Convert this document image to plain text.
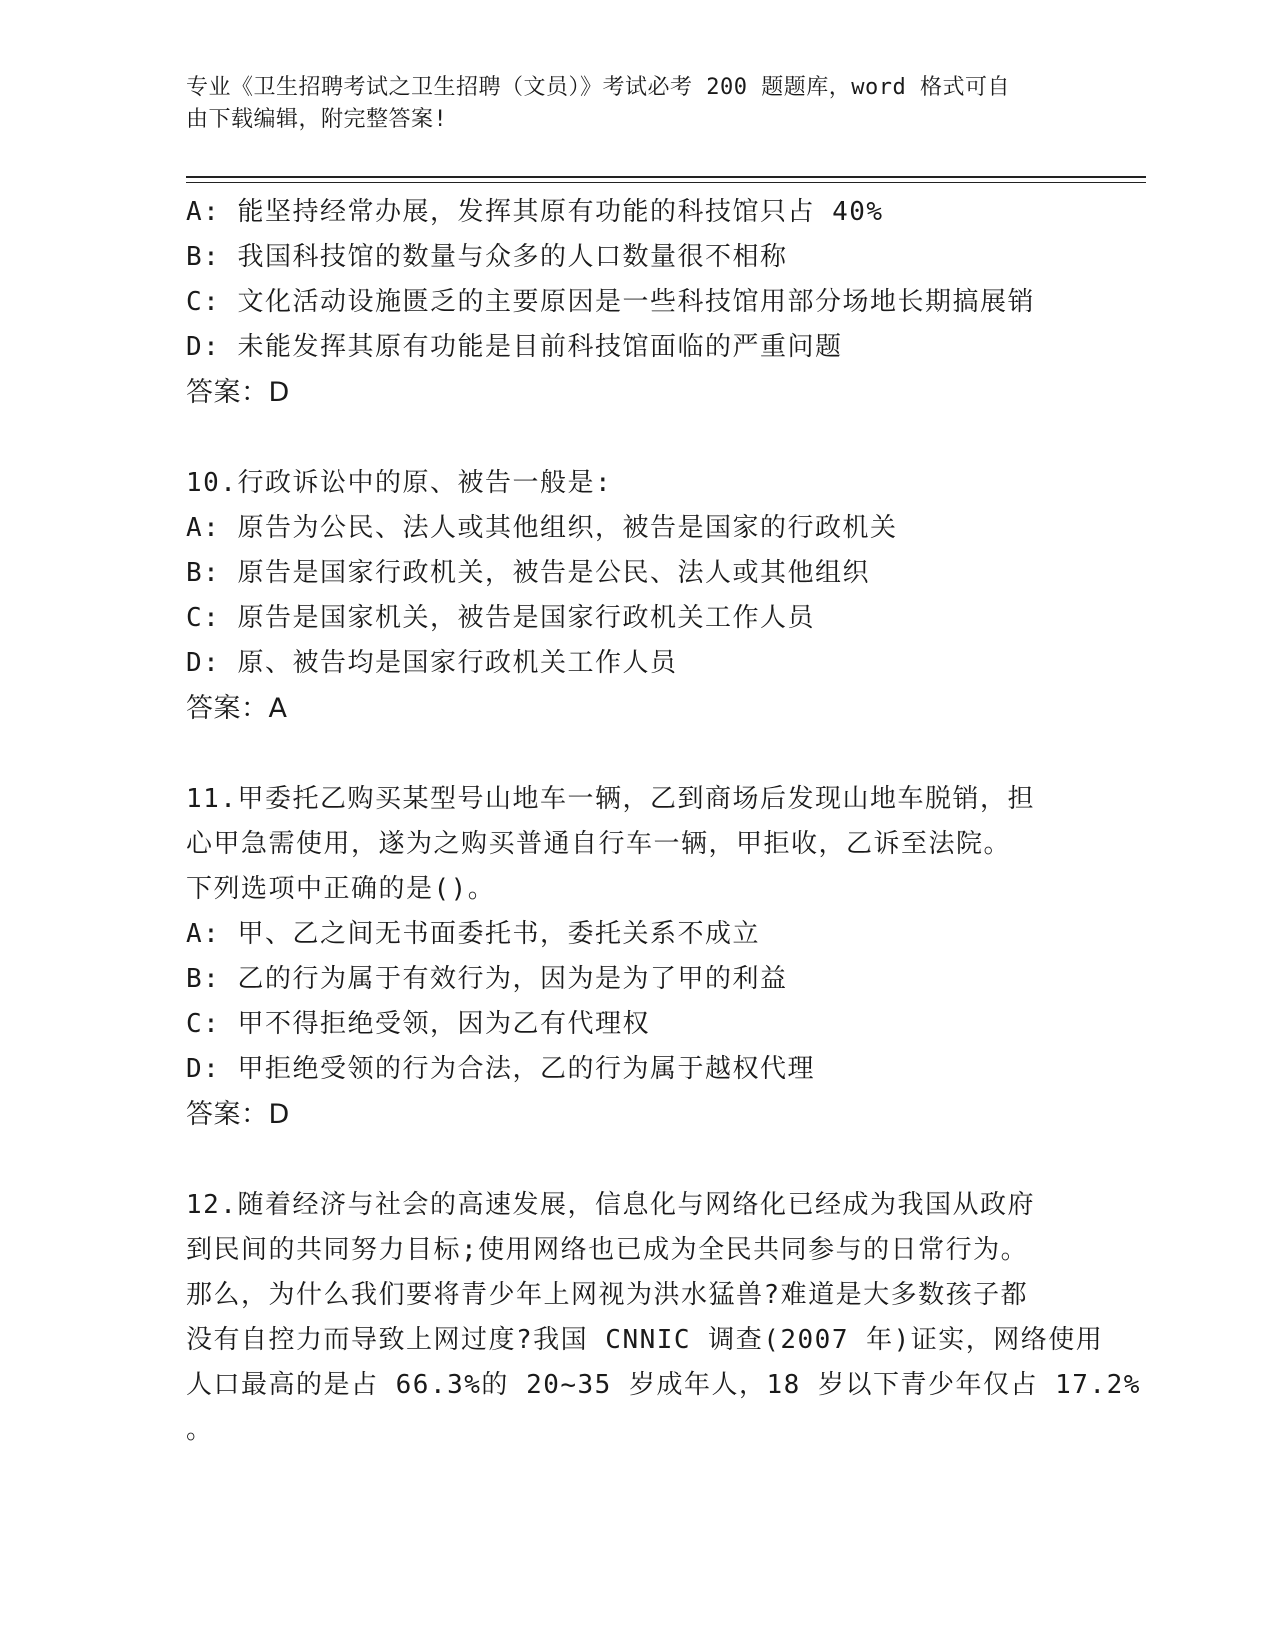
专业《卫生招聘考试之卫生招聘（文员）》考试必考 200 题题库，word 格式可自
由下载编辑，附完整答案!
A: 能坚持经常办展，发挥其原有功能的科技馆只占 40%
B: 我国科技馆的数量与众多的人口数量很不相称
C: 文化活动设施匮乏的主要原因是一些科技馆用部分场地长期搞展销
D: 未能发挥其原有功能是目前科技馆面临的严重问题
答案：D
10.行政诉讼中的原、被告一般是:
A: 原告为公民、法人或其他组织，被告是国家的行政机关
B: 原告是国家行政机关，被告是公民、法人或其他组织
C: 原告是国家机关，被告是国家行政机关工作人员
D: 原、被告均是国家行政机关工作人员
答案：A
11.甲委托乙购买某型号山地车一辆，乙到商场后发现山地车脱销，担
心甲急需使用，遂为之购买普通自行车一辆，甲拒收，乙诉至法院。
下列选项中正确的是()。
A: 甲、乙之间无书面委托书，委托关系不成立
B: 乙的行为属于有效行为，因为是为了甲的利益
C: 甲不得拒绝受领，因为乙有代理权
D: 甲拒绝受领的行为合法，乙的行为属于越权代理
答案：D
12.随着经济与社会的高速发展，信息化与网络化已经成为我国从政府
到民间的共同努力目标;使用网络也已成为全民共同参与的日常行为。
那么，为什么我们要将青少年上网视为洪水猛兽?难道是大多数孩子都
没有自控力而导致上网过度?我国 CNNIC 调查(2007 年)证实，网络使用
人口最高的是占 66.3%的 20~35 岁成年人，18 岁以下青少年仅占 17.2%
。
